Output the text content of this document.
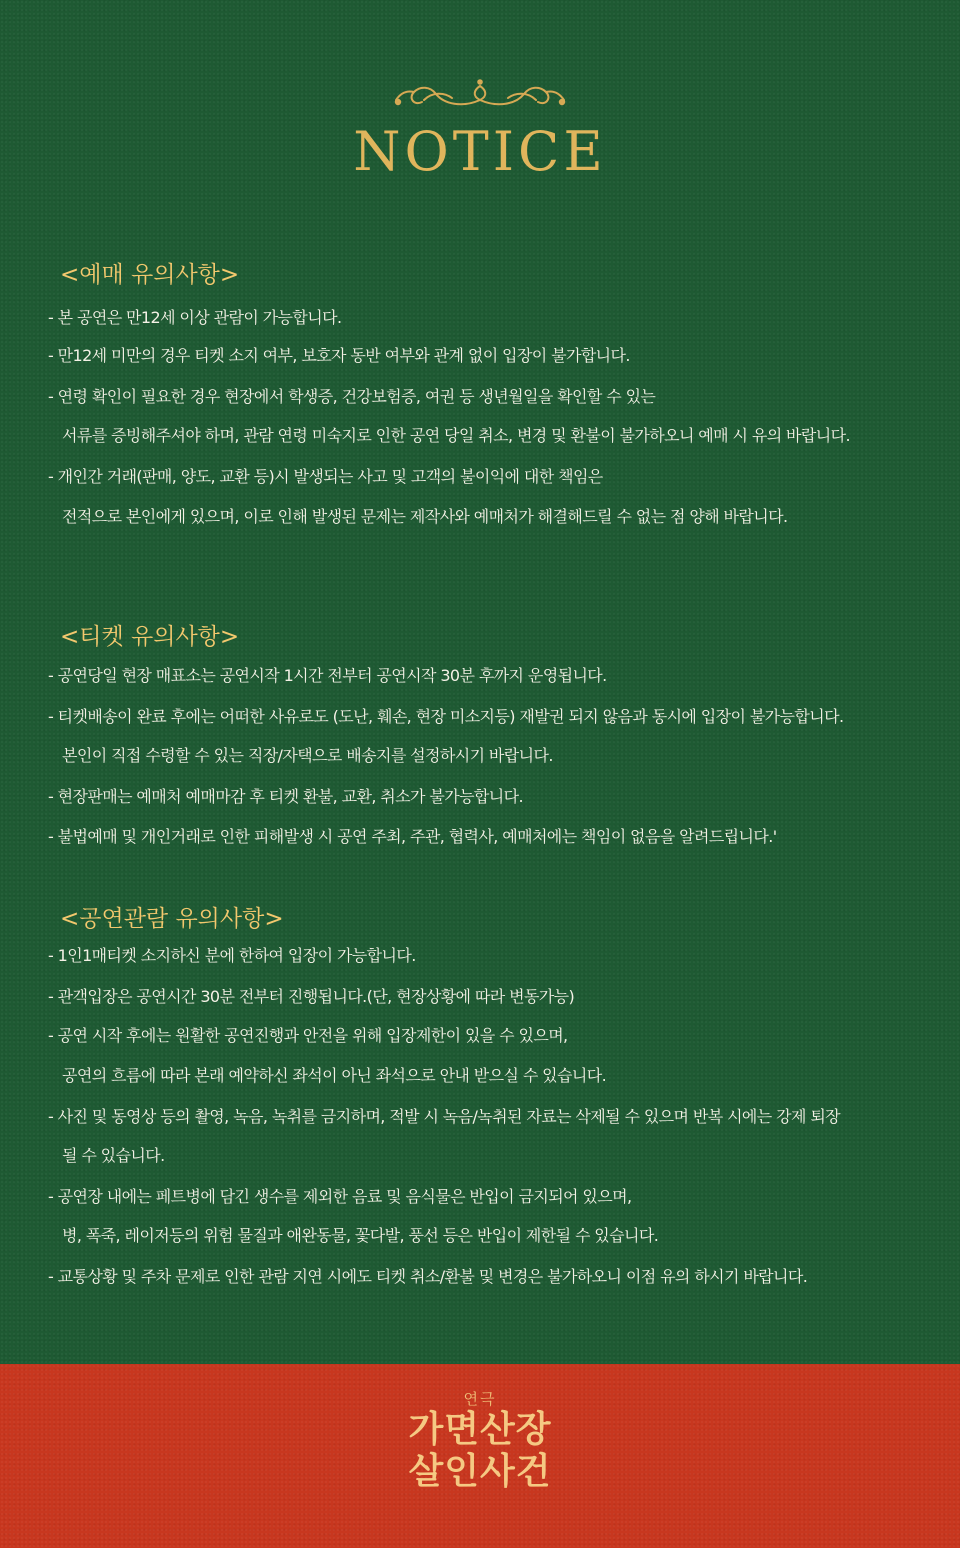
NOTICE
<예매 유의사항>
- 본 공연은 만12세 이상 관람이 가능합니다.
- 만12세 미만의 경우 티켓 소지 여부, 보호자 동반 여부와 관계 없이 입장이 불가합니다.
- 연령 확인이 필요한 경우 현장에서 학생증, 건강보험증, 여권 등 생년월일을 확인할 수 있는
서류를 증빙해주셔야 하며, 관람 연령 미숙지로 인한 공연 당일 취소, 변경 및 환불이 불가하오니 예매 시 유의 바랍니다.
- 개인간 거래(판매, 양도, 교환 등)시 발생되는 사고 및 고객의 불이익에 대한 책임은
전적으로 본인에게 있으며, 이로 인해 발생된 문제는 제작사와 예매처가 해결해드릴 수 없는 점 양해 바랍니다.
<티켓 유의사항>
- 공연당일 현장 매표소는 공연시작 1시간 전부터 공연시작 30분 후까지 운영됩니다.
- 티켓배송이 완료 후에는 어떠한 사유로도 (도난, 훼손, 현장 미소지등) 재발권 되지 않음과 동시에 입장이 불가능합니다.
본인이 직접 수령할 수 있는 직장/자택으로 배송지를 설정하시기 바랍니다.
- 현장판매는 예매처 예매마감 후 티켓 환불, 교환, 취소가 불가능합니다.
- 불법예매 및 개인거래로 인한 피해발생 시 공연 주최, 주관, 협력사, 예매처에는 책임이 없음을 알려드립니다.'
<공연관람 유의사항>
- 1인1매티켓 소지하신 분에 한하여 입장이 가능합니다.
- 관객입장은 공연시간 30분 전부터 진행됩니다.(단, 현장상황에 따라 변동가능)
- 공연 시작 후에는 원활한 공연진행과 안전을 위해 입장제한이 있을 수 있으며,
공연의 흐름에 따라 본래 예약하신 좌석이 아닌 좌석으로 안내 받으실 수 있습니다.
- 사진 및 동영상 등의 촬영, 녹음, 녹취를 금지하며, 적발 시 녹음/녹취된 자료는 삭제될 수 있으며 반복 시에는 강제 퇴장
될 수 있습니다.
- 공연장 내에는 페트병에 담긴 생수를 제외한 음료 및 음식물은 반입이 금지되어 있으며,
병, 폭죽, 레이저등의 위험 물질과 애완동물, 꽃다발, 풍선 등은 반입이 제한될 수 있습니다.
- 교통상황 및 주차 문제로 인한 관람 지연 시에도 티켓 취소/환불 및 변경은 불가하오니 이점 유의 하시기 바랍니다.
연극
가면산장
살인사건
